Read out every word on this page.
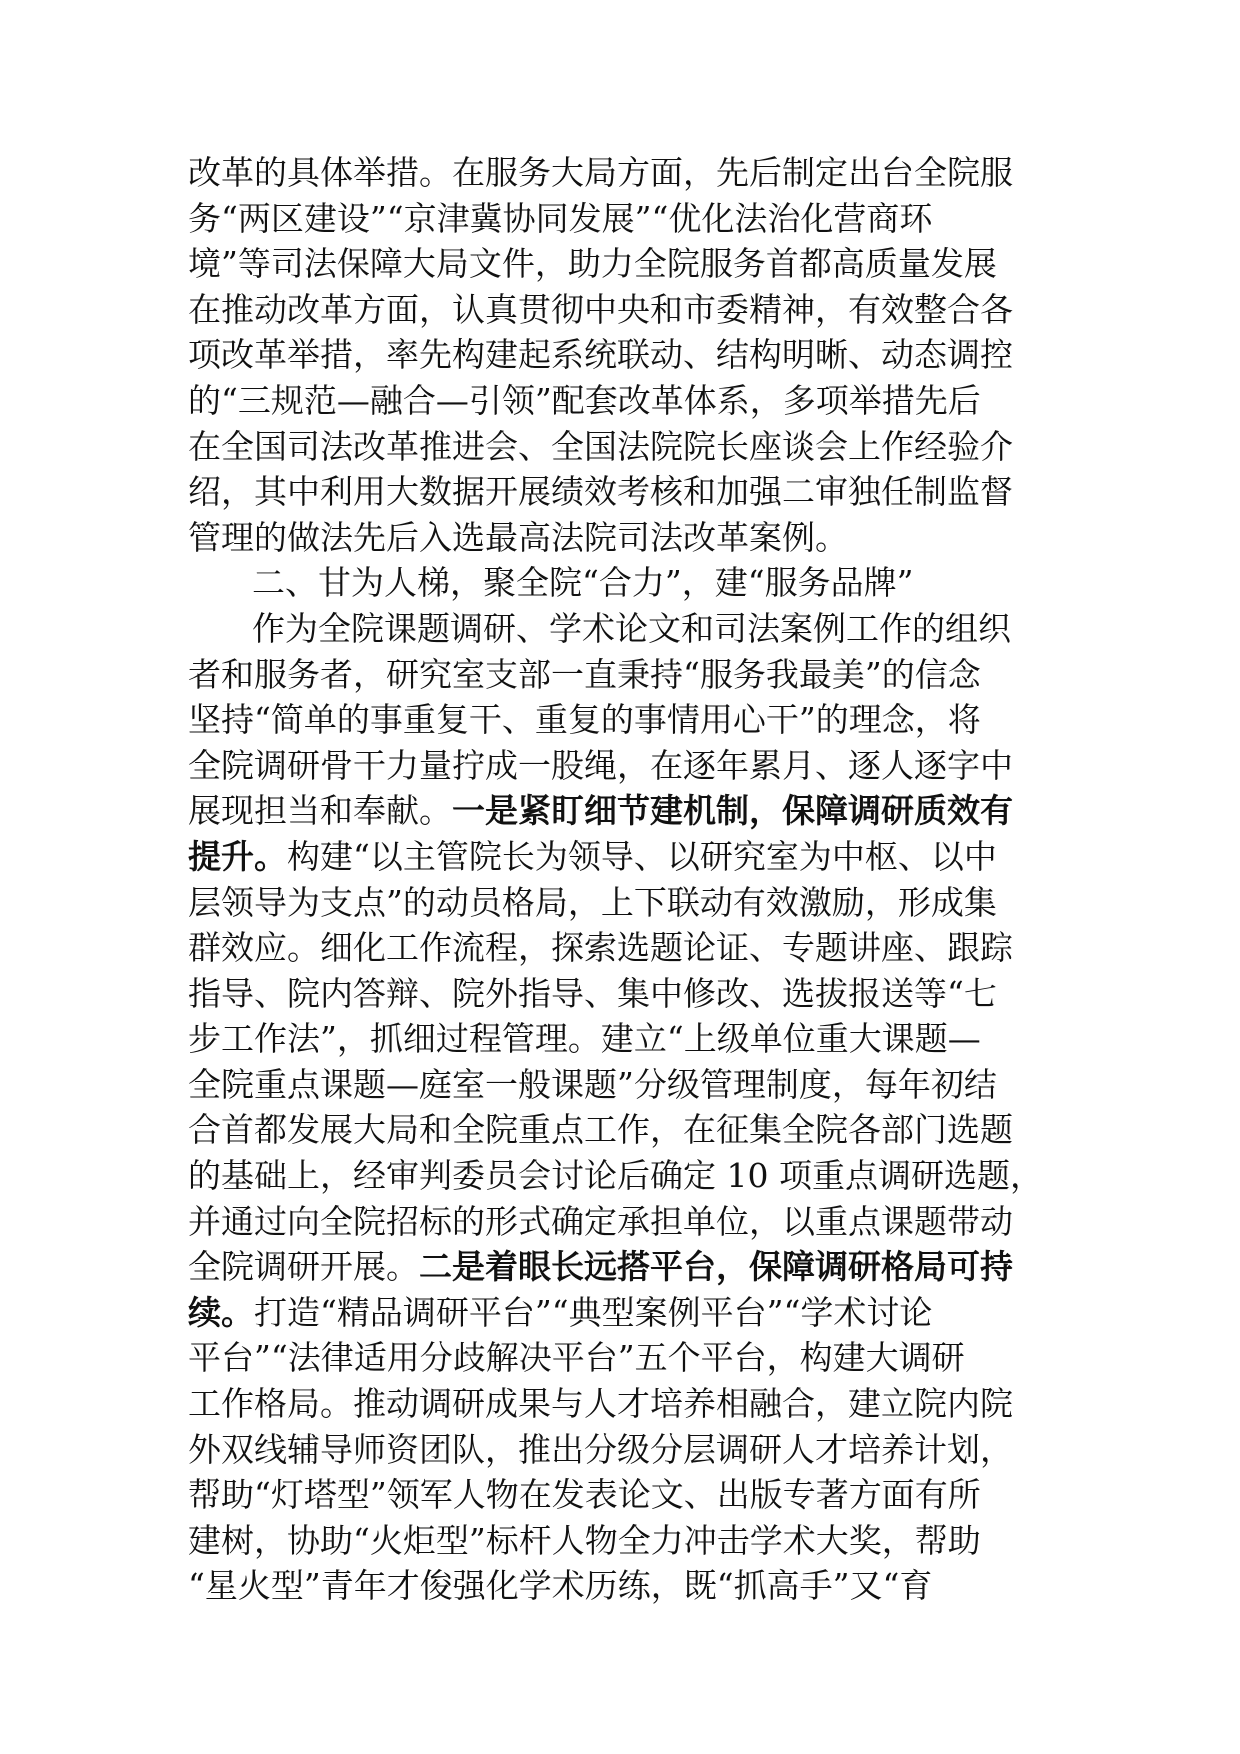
改革的具体举措。在服务大局方面，先后制定出台全院服
务“两区建设”“京津冀协同发展”“优化法治化营商环
境”等司法保障大局文件，助力全院服务首都高质量发展
在推动改革方面，认真贯彻中央和市委精神，有效整合各
项改革举措，率先构建起系统联动、结构明晰、动态调控
的“三规范—融合—引领”配套改革体系，多项举措先后
在全国司法改革推进会、全国法院院长座谈会上作经验介
绍，其中利用大数据开展绩效考核和加强二审独任制监督
管理的做法先后入选最高法院司法改革案例。
二、甘为人梯，聚全院“合力”，建“服务品牌”
作为全院课题调研、学术论文和司法案例工作的组织
者和服务者，研究室支部一直秉持“服务我最美”的信念
坚持“简单的事重复干、重复的事情用心干”的理念，将
全院调研骨干力量拧成一股绳，在逐年累月、逐人逐字中
展现担当和奉献。一是紧盯细节建机制，保障调研质效有
提升。构建“以主管院长为领导、以研究室为中枢、以中
层领导为支点”的动员格局，上下联动有效激励，形成集
群效应。细化工作流程，探索选题论证、专题讲座、跟踪
指导、院内答辩、院外指导、集中修改、选拔报送等“七
步工作法”，抓细过程管理。建立“上级单位重大课题—
全院重点课题—庭室一般课题”分级管理制度，每年初结
合首都发展大局和全院重点工作，在征集全院各部门选题
的基础上，经审判委员会讨论后确定 10 项重点调研选题，
并通过向全院招标的形式确定承担单位，以重点课题带动
全院调研开展。二是着眼长远搭平台，保障调研格局可持
续。打造“精品调研平台”“典型案例平台”“学术讨论
平台”“法律适用分歧解决平台”五个平台，构建大调研
工作格局。推动调研成果与人才培养相融合，建立院内院
外双线辅导师资团队，推出分级分层调研人才培养计划，
帮助“灯塔型”领军人物在发表论文、出版专著方面有所
建树，协助“火炬型”标杆人物全力冲击学术大奖，帮助
“星火型”青年才俊强化学术历练，既“抓高手”又“育
